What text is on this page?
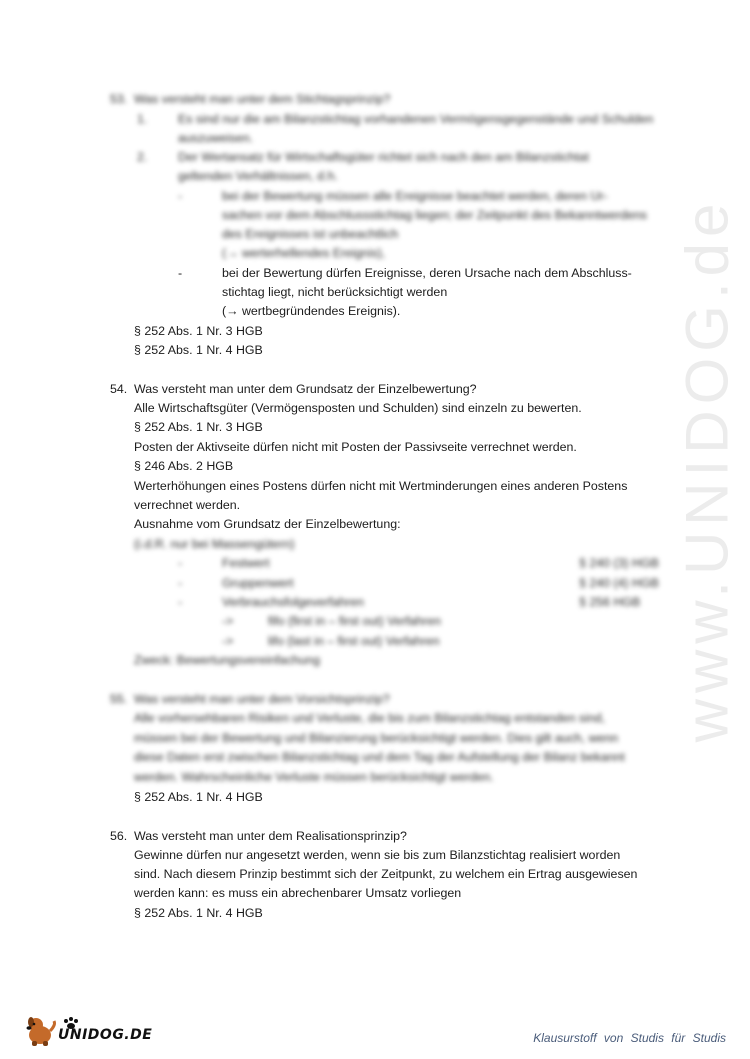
www.UNIDOG.de
53. Was versteht man unter dem Stichtagsprinzip?
1. Es sind nur die am Bilanzstichtag vorhandenen Vermögensgegenstände und Schulden
auszuweisen.
2. Der Wertansatz für Wirtschaftsgüter richtet sich nach den am Bilanzstichtat
geltenden Verhältnissen, d.h.
-	bei der Bewertung müssen alle Ereignisse beachtet werden, deren Ur-
sachen vor dem Abschlussstichtag liegen; der Zeitpunkt des Bekanntwerdens
des Ereignisses ist unbeachtlich
(→ werterhellendes Ereignis),
-	bei der Bewertung dürfen Ereignisse, deren Ursache nach dem Abschluss-
stichtag liegt, nicht berücksichtigt werden
(→ wertbegründendes Ereignis).
§ 252 Abs. 1 Nr. 3 HGB
§ 252 Abs. 1 Nr. 4 HGB
54. Was versteht man unter dem Grundsatz der Einzelbewertung?
Alle Wirtschaftsgüter (Vermögensposten und Schulden) sind einzeln zu bewerten.
§ 252 Abs. 1 Nr. 3 HGB
Posten der Aktivseite dürfen nicht mit Posten der Passivseite verrechnet werden.
§ 246 Abs. 2 HGB
Werterhöhungen eines Postens dürfen nicht mit Wertminderungen eines anderen Postens
verrechnet werden.
Ausnahme vom Grundsatz der Einzelbewertung:
(i.d.R. nur bei Massengütern)
-	Festwert	§ 240 (3) HGB
-	Gruppenwert	§ 240 (4) HGB
-	Verbrauchsfolgeverfahren	§ 256 HGB
->	fifo (first in – first out) Verfahren
->	lifo (last in – first out) Verfahren
Zweck: Bewertungsvereinfachung
55. Was versteht man unter dem Vorsichtsprinzip?
Alle vorhersehbaren Risiken und Verluste, die bis zum Bilanzstichtag entstanden sind,
müssen bei der Bewertung und Bilanzierung berücksichtigt werden. Dies gilt auch, wenn
diese Daten erst zwischen Bilanzstichtag und dem Tag der Aufstellung der Bilanz bekannt
werden. Wahrscheinliche Verluste müssen berücksichtigt werden.
§ 252 Abs. 1 Nr. 4 HGB
56. Was versteht man unter dem Realisationsprinzip?
Gewinne dürfen nur angesetzt werden, wenn sie bis zum Bilanzstichtag realisiert worden
sind. Nach diesem Prinzip bestimmt sich der Zeitpunkt, zu welchem ein Ertrag ausgewiesen
werden kann: es muss ein abrechenbarer Umsatz vorliegen
§ 252 Abs. 1 Nr. 4 HGB
UNIDOG.DE	Klausurstoff von Studis für Studis
